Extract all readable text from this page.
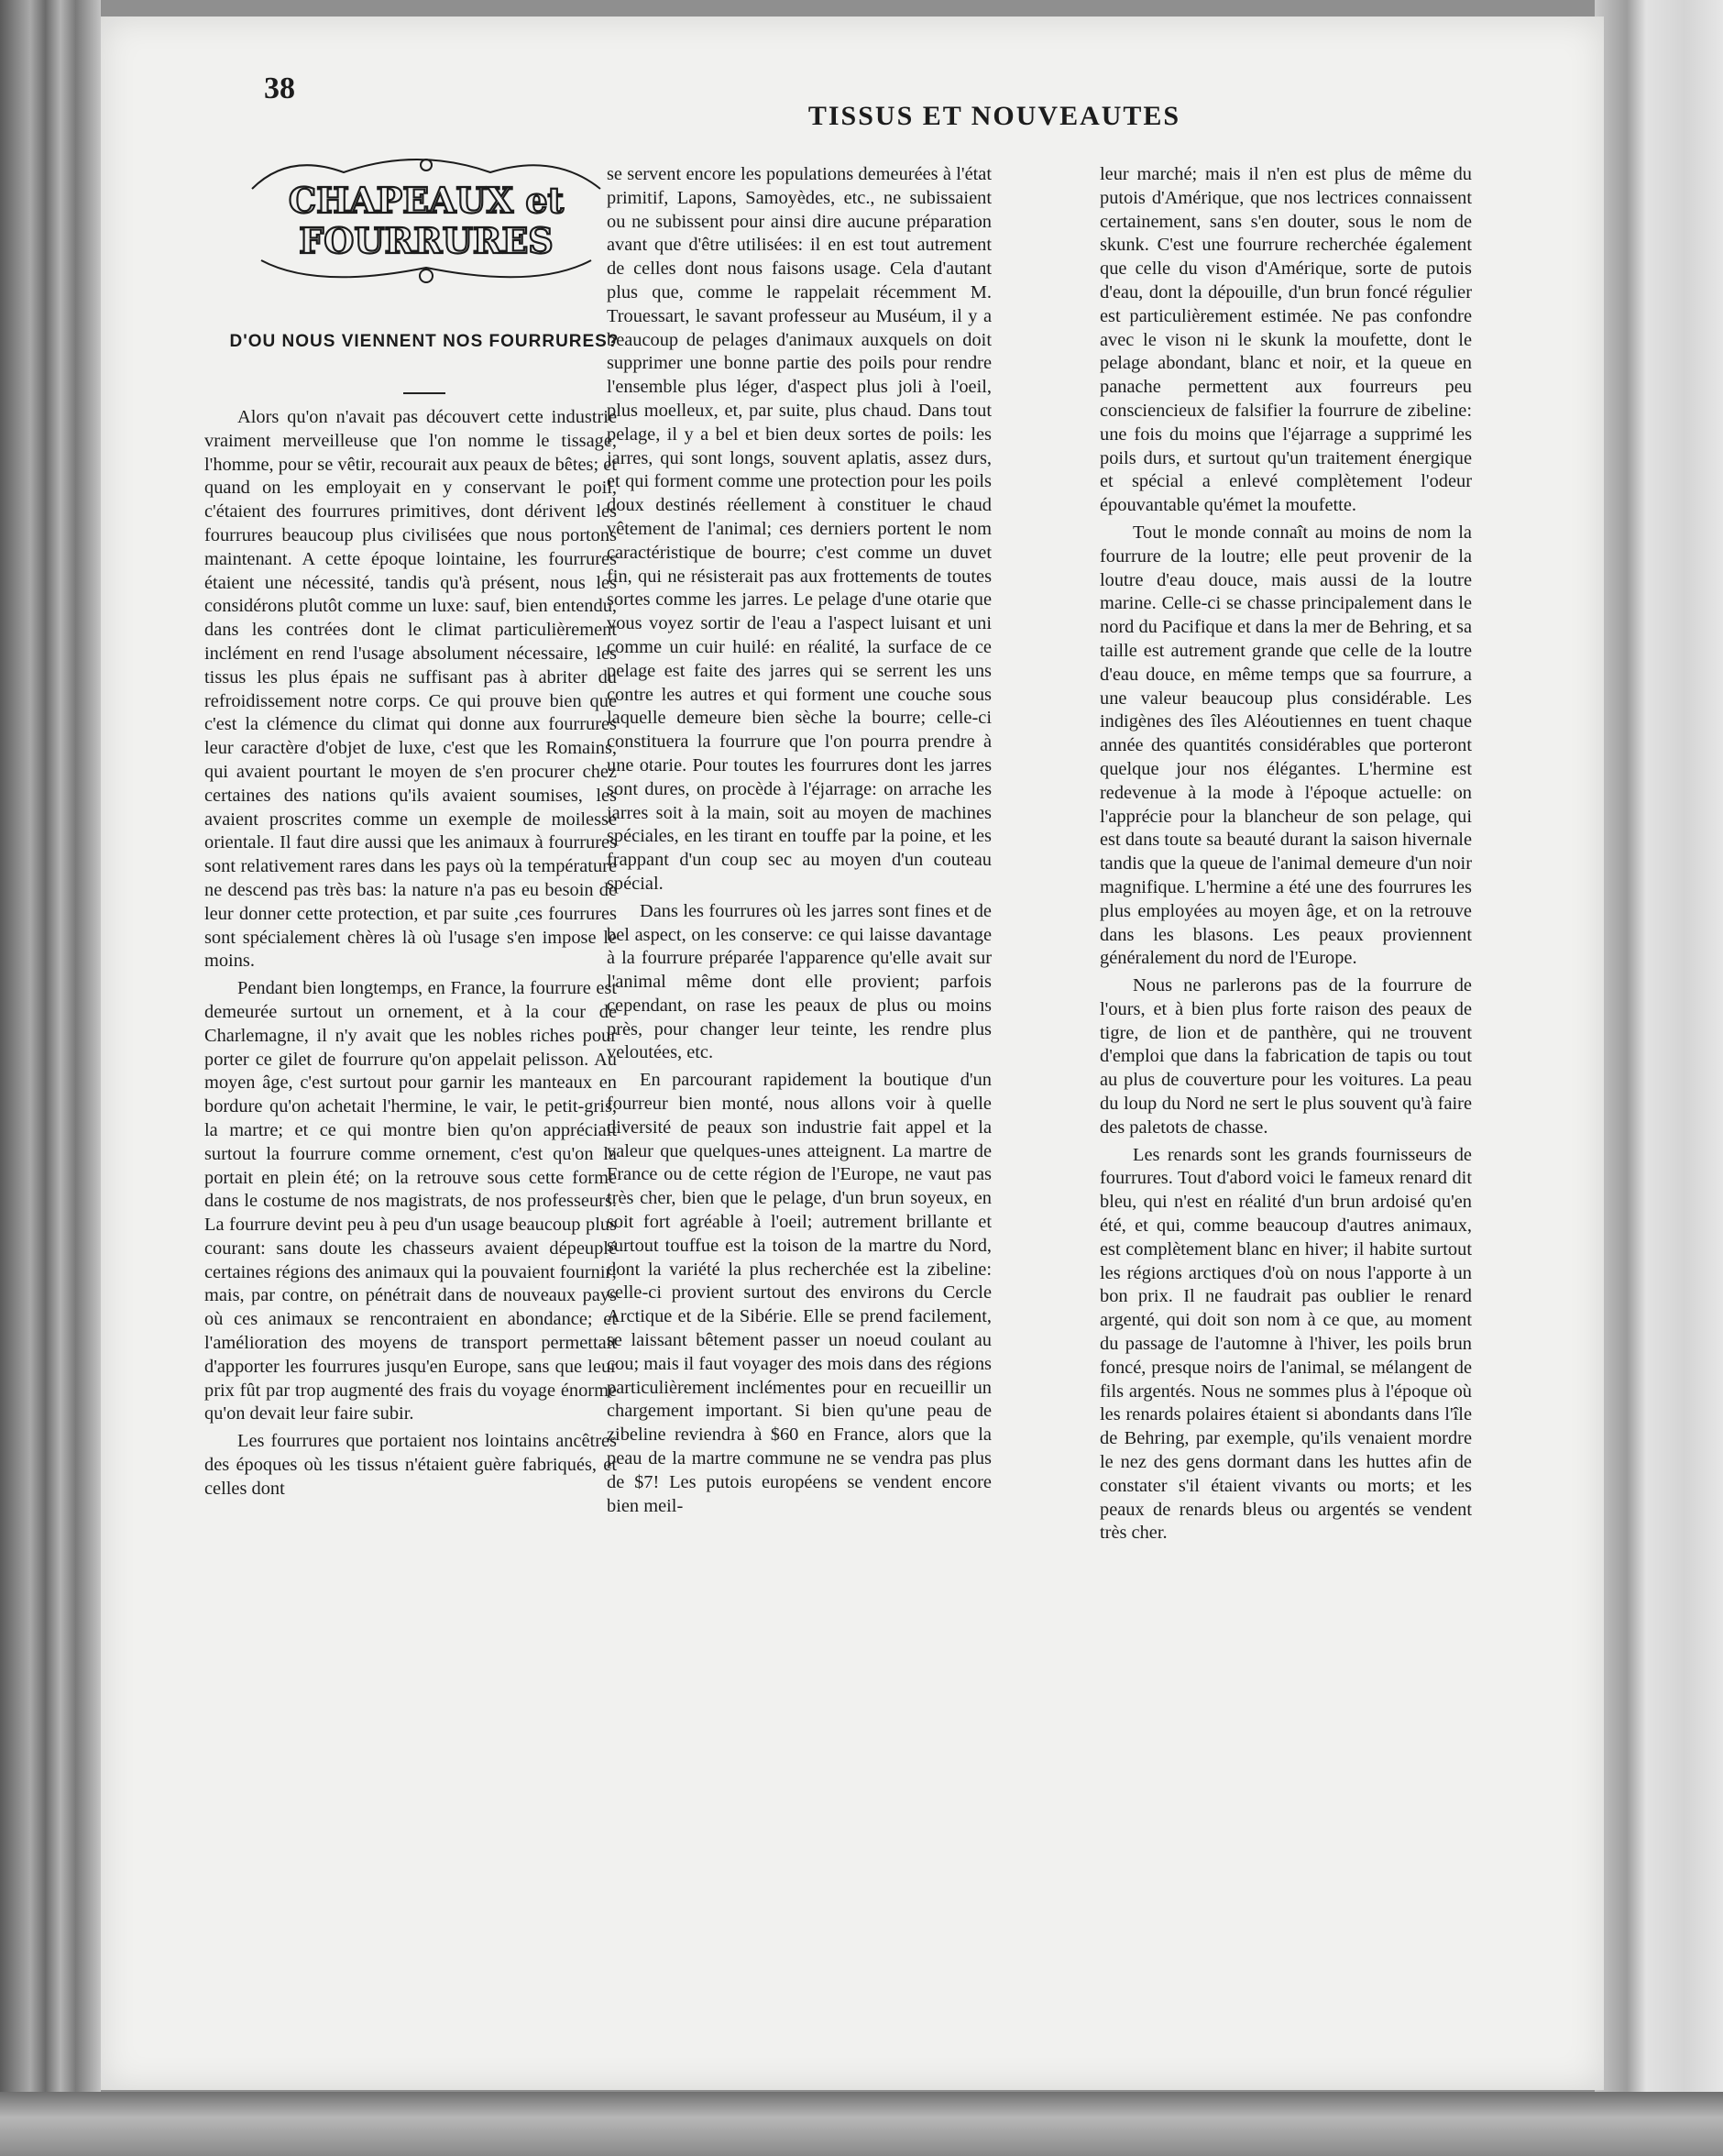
38
TISSUS ET NOUVEAUTES
CHAPEAUX et
FOURRURES
D'OU NOUS VIENNENT NOS FOURRURES?

Alors qu'on n'avait pas découvert cette industrie vraiment merveilleuse que l'on nomme le tissage, l'homme, pour se vêtir, recourait aux peaux de bêtes; et quand on les employait en y conservant le poil, c'étaient des fourrures primitives, dont dérivent les fourrures beaucoup plus civilisées que nous portons maintenant. A cette époque lointaine, les fourrures étaient une nécessité, tandis qu'à présent, nous les considérons plutôt comme un luxe: sauf, bien entendu, dans les contrées dont le climat particulièrement inclément en rend l'usage absolument nécessaire, les tissus les plus épais ne suffisant pas à abriter du refroidissement notre corps. Ce qui prouve bien que c'est la clémence du climat qui donne aux fourrures leur caractère d'objet de luxe, c'est que les Romains, qui avaient pourtant le moyen de s'en procurer chez certaines des nations qu'ils avaient soumises, les avaient proscrites comme un exemple de moilesse orientale. Il faut dire aussi que les animaux à fourrures sont relativement rares dans les pays où la température ne descend pas très bas: la nature n'a pas eu besoin de leur donner cette protection, et par suite ,ces fourrures sont spécialement chères là où l'usage s'en impose le moins.

Pendant bien longtemps, en France, la fourrure est demeurée surtout un ornement, et à la cour de Charlemagne, il n'y avait que les nobles riches pour porter ce gilet de fourrure qu'on appelait pelisson. Au moyen âge, c'est surtout pour garnir les manteaux en bordure qu'on achetait l'hermine, le vair, le petit-gris, la martre; et ce qui montre bien qu'on appréciait surtout la fourrure comme ornement, c'est qu'on la portait en plein été; on la retrouve sous cette forme dans le costume de nos magistrats, de nos professeurs. La fourrure devint peu à peu d'un usage beaucoup plus courant: sans doute les chasseurs avaient dépeuplé certaines régions des animaux qui la pouvaient fournir; mais, par contre, on pénétrait dans de nouveaux pays où ces animaux se rencontraient en abondance; et l'amélioration des moyens de transport permettait d'apporter les fourrures jusqu'en Europe, sans que leur prix fût par trop augmenté des frais du voyage énorme qu'on devait leur faire subir.

Les fourrures que portaient nos lointains ancêtres des époques où les tissus n'étaient guère fabriqués, et celles dont

se servent encore les populations demeurées à l'état primitif, Lapons, Samoyèdes, etc., ne subissaient ou ne subissent pour ainsi dire aucune préparation avant que d'être utilisées: il en est tout autrement de celles dont nous faisons usage. Cela d'autant plus que, comme le rappelait récemment M. Trouessart, le savant professeur au Muséum, il y a beaucoup de pelages d'animaux auxquels on doit supprimer une bonne partie des poils pour rendre l'ensemble plus léger, d'aspect plus joli à l'oeil, plus moelleux, et, par suite, plus chaud. Dans tout pelage, il y a bel et bien deux sortes de poils: les jarres, qui sont longs, souvent aplatis, assez durs, et qui forment comme une protection pour les poils doux destinés réellement à constituer le chaud vêtement de l'animal; ces derniers portent le nom caractéristique de bourre; c'est comme un duvet fin, qui ne résisterait pas aux frottements de toutes sortes comme les jarres. Le pelage d'une otarie que vous voyez sortir de l'eau a l'aspect luisant et uni comme un cuir huilé: en réalité, la surface de ce pelage est faite des jarres qui se serrent les uns contre les autres et qui forment une couche sous laquelle demeure bien sèche la bourre; celle-ci constituera la fourrure que l'on pourra prendre à une otarie. Pour toutes les fourrures dont les jarres sont dures, on procède à l'éjarrage: on arrache les jarres soit à la main, soit au moyen de machines spéciales, en les tirant en touffe par la poine, et les frappant d'un coup sec au moyen d'un couteau spécial.

Dans les fourrures où les jarres sont fines et de bel aspect, on les conserve: ce qui laisse davantage à la fourrure préparée l'apparence qu'elle avait sur l'animal même dont elle provient; parfois cependant, on rase les peaux de plus ou moins près, pour changer leur teinte, les rendre plus veloutées, etc.

En parcourant rapidement la boutique d'un fourreur bien monté, nous allons voir à quelle diversité de peaux son industrie fait appel et la valeur que quelques-unes atteignent. La martre de France ou de cette région de l'Europe, ne vaut pas très cher, bien que le pelage, d'un brun soyeux, en soit fort agréable à l'oeil; autrement brillante et surtout touffue est la toison de la martre du Nord, dont la variété la plus recherchée est la zibeline: celle-ci provient surtout des environs du Cercle Arctique et de la Sibérie. Elle se prend facilement, se laissant bêtement passer un noeud coulant au cou; mais il faut voyager des mois dans des régions particulièrement inclémentes pour en recueillir un chargement important. Si bien qu'une peau de zibeline reviendra à $60 en France, alors que la peau de la martre commune ne se vendra pas plus de $7! Les putois européens se vendent encore bien meil-

leur marché; mais il n'en est plus de même du putois d'Amérique, que nos lectrices connaissent certainement, sans s'en douter, sous le nom de skunk. C'est une fourrure recherchée également que celle du vison d'Amérique, sorte de putois d'eau, dont la dépouille, d'un brun foncé régulier est particulièrement estimée. Ne pas confondre avec le vison ni le skunk la moufette, dont le pelage abondant, blanc et noir, et la queue en panache permettent aux fourreurs peu consciencieux de falsifier la fourrure de zibeline: une fois du moins que l'éjarrage a supprimé les poils durs, et surtout qu'un traitement énergique et spécial a enlevé complètement l'odeur épouvantable qu'émet la moufette.

Tout le monde connaît au moins de nom la fourrure de la loutre; elle peut provenir de la loutre d'eau douce, mais aussi de la loutre marine. Celle-ci se chasse principalement dans le nord du Pacifique et dans la mer de Behring, et sa taille est autrement grande que celle de la loutre d'eau douce, en même temps que sa fourrure, a une valeur beaucoup plus considérable. Les indigènes des îles Aléoutiennes en tuent chaque année des quantités considérables que porteront quelque jour nos élégantes. L'hermine est redevenue à la mode à l'époque actuelle: on l'apprécie pour la blancheur de son pelage, qui est dans toute sa beauté durant la saison hivernale tandis que la queue de l'animal demeure d'un noir magnifique. L'hermine a été une des fourrures les plus employées au moyen âge, et on la retrouve dans les blasons. Les peaux proviennent généralement du nord de l'Europe.

Nous ne parlerons pas de la fourrure de l'ours, et à bien plus forte raison des peaux de tigre, de lion et de panthère, qui ne trouvent d'emploi que dans la fabrication de tapis ou tout au plus de couverture pour les voitures. La peau du loup du Nord ne sert le plus souvent qu'à faire des paletots de chasse.

Les renards sont les grands fournisseurs de fourrures. Tout d'abord voici le fameux renard dit bleu, qui n'est en réalité d'un brun ardoisé qu'en été, et qui, comme beaucoup d'autres animaux, est complètement blanc en hiver; il habite surtout les régions arctiques d'où on nous l'apporte à un bon prix. Il ne faudrait pas oublier le renard argenté, qui doit son nom à ce que, au moment du passage de l'automne à l'hiver, les poils brun foncé, presque noirs de l'animal, se mélangent de fils argentés. Nous ne sommes plus à l'époque où les renards polaires étaient si abondants dans l'île de Behring, par exemple, qu'ils venaient mordre le nez des gens dormant dans les huttes afin de constater s'il étaient vivants ou morts; et les peaux de renards bleus ou argentés se vendent très cher.
